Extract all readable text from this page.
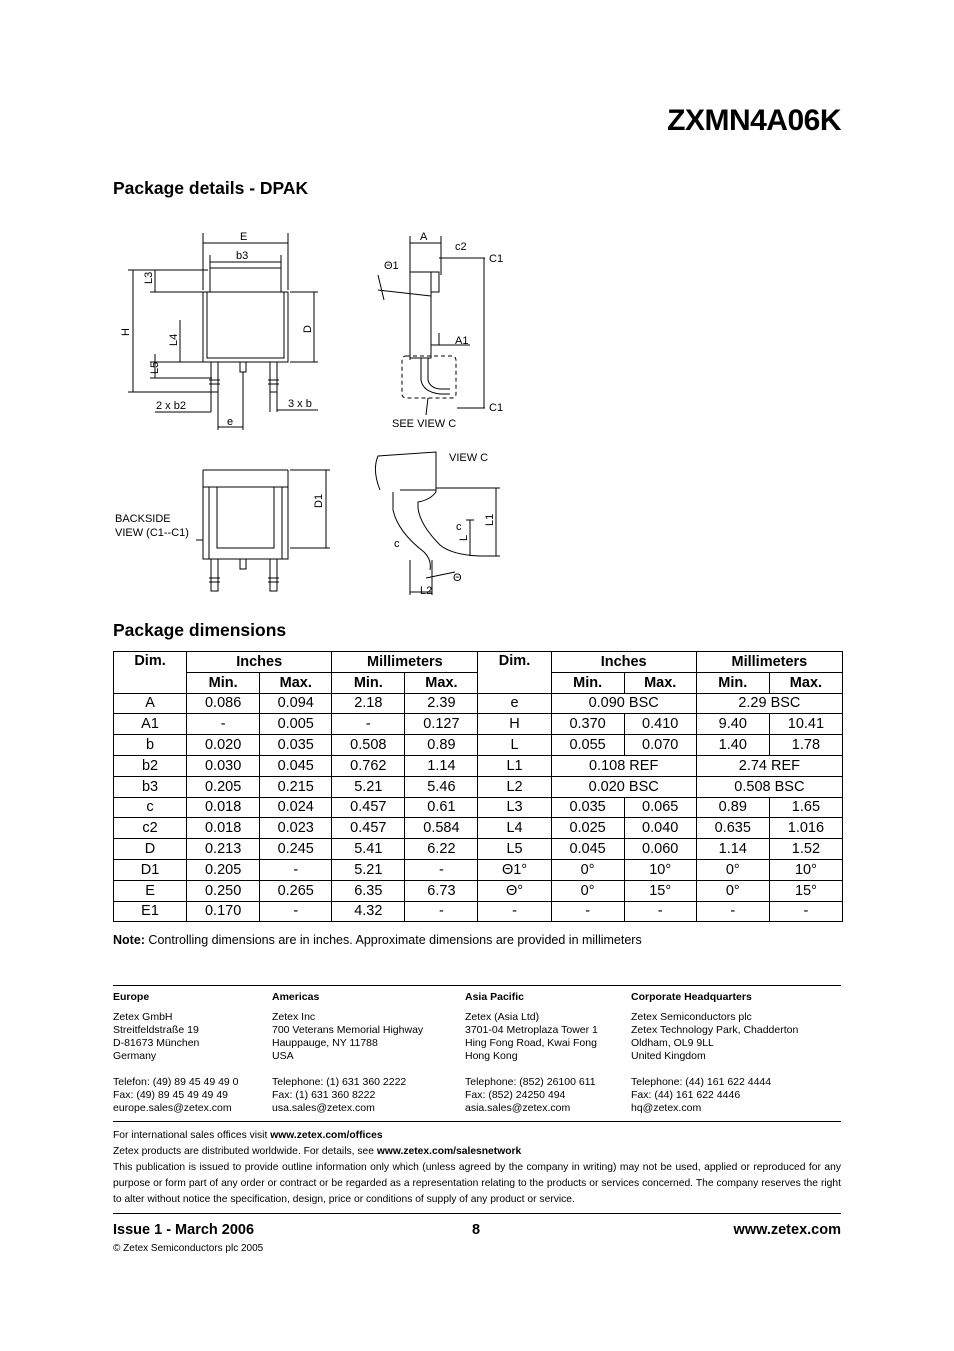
ZXMN4A06K
Package details - DPAK
E
b3
L3
H
L4
D
L5
2 x b2	3 x b
e
A
c2
C1
Θ1
A1
C1
SEE VIEW C
VIEW C
BACKSIDE
VIEW (C1--C1)
D1
L1
c
L
c
Θ
L2
Package dimensions
Dim.	Inches		Millimeters		Dim.	Inches		Millimeters	
	Min.	Max.	Min.	Max.		Min.	Max.	Min.	Max.
A	0.086	0.094	2.18	2.39	e	0.090 BSC		2.29 BSC	
A1	-	0.005	-	0.127	H	0.370	0.410	9.40	10.41
b	0.020	0.035	0.508	0.89	L	0.055	0.070	1.40	1.78
b2	0.030	0.045	0.762	1.14	L1	0.108 REF		2.74 REF	
b3	0.205	0.215	5.21	5.46	L2	0.020 BSC		0.508 BSC	
c	0.018	0.024	0.457	0.61	L3	0.035	0.065	0.89	1.65
c2	0.018	0.023	0.457	0.584	L4	0.025	0.040	0.635	1.016
D	0.213	0.245	5.41	6.22	L5	0.045	0.060	1.14	1.52
D1	0.205	-	5.21	-	Θ1°	0°	10°	0°	10°
E	0.250	0.265	6.35	6.73	Θ°	0°	15°	0°	15°
E1	0.170	-	4.32	-	-	-	-	-	-
Note: Controlling dimensions are in inches. Approximate dimensions are provided in millimeters
Europe
Zetex GmbH
Streitfeldstraße 19
D-81673 München
Germany
Telefon: (49) 89 45 49 49 0
Fax: (49) 89 45 49 49 49
europe.sales@zetex.com
Americas
Zetex Inc
700 Veterans Memorial Highway
Hauppauge, NY 11788
USA
Telephone: (1) 631 360 2222
Fax: (1) 631 360 8222
usa.sales@zetex.com
Asia Pacific
Zetex (Asia Ltd)
3701-04 Metroplaza Tower 1
Hing Fong Road, Kwai Fong
Hong Kong
Telephone: (852) 26100 611
Fax: (852) 24250 494
asia.sales@zetex.com
Corporate Headquarters
Zetex Semiconductors plc
Zetex Technology Park, Chadderton
Oldham, OL9 9LL
United Kingdom
Telephone: (44) 161 622 4444
Fax: (44) 161 622 4446
hq@zetex.com
For international sales offices visit www.zetex.com/offices
Zetex products are distributed worldwide. For details, see www.zetex.com/salesnetwork
This publication is issued to provide outline information only which (unless agreed by the company in writing) may not be used, applied or reproduced for any purpose or form part of any order or contract or be regarded as a representation relating to the products or services concerned. The company reserves the right to alter without notice the specification, design, price or conditions of supply of any product or service.
Issue 1 - March 2006	8	www.zetex.com
© Zetex Semiconductors plc 2005
